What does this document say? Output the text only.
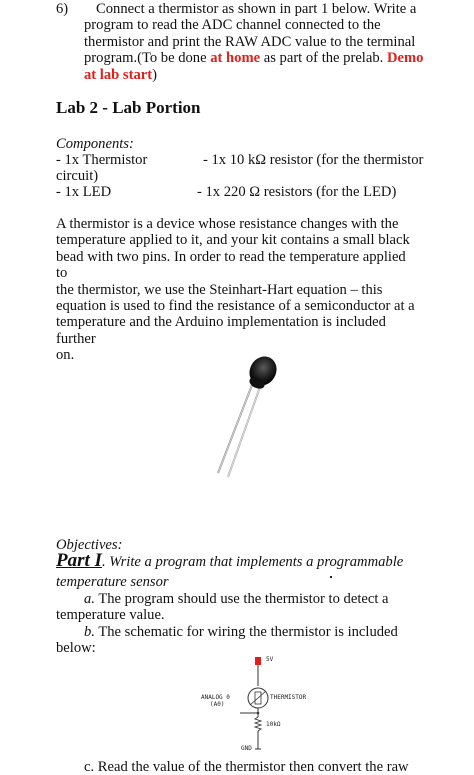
6)	Connect a thermistor as shown in part 1 below. Write a
program to read the ADC channel connected to the
thermistor and print the RAW ADC value to the terminal
program.(To be done at home as part of the prelab. Demo
at lab start)
Lab 2 - Lab Portion
Components:
- 1x Thermistor	- 1x 10 kΩ resistor (for the thermistor
circuit)
- 1x LED	- 1x 220 Ω resistors (for the LED)
A thermistor is a device whose resistance changes with the
temperature applied to it, and your kit contains a small black
bead with two pins. In order to read the temperature applied to
the thermistor, we use the Steinhart-Hart equation – this
equation is used to find the resistance of a semiconductor at a
temperature and the Arduino implementation is included further
on.
Objectives:
Part I. Write a program that implements a programmable
temperature sensor
a. The program should use the thermistor to detect a
temperature value.
b. The schematic for wiring the thermistor is included
below:
5V
ANALOG 0
(A0)
THERMISTOR
10kΩ
GND
c. Read the value of the thermistor then convert the raw
